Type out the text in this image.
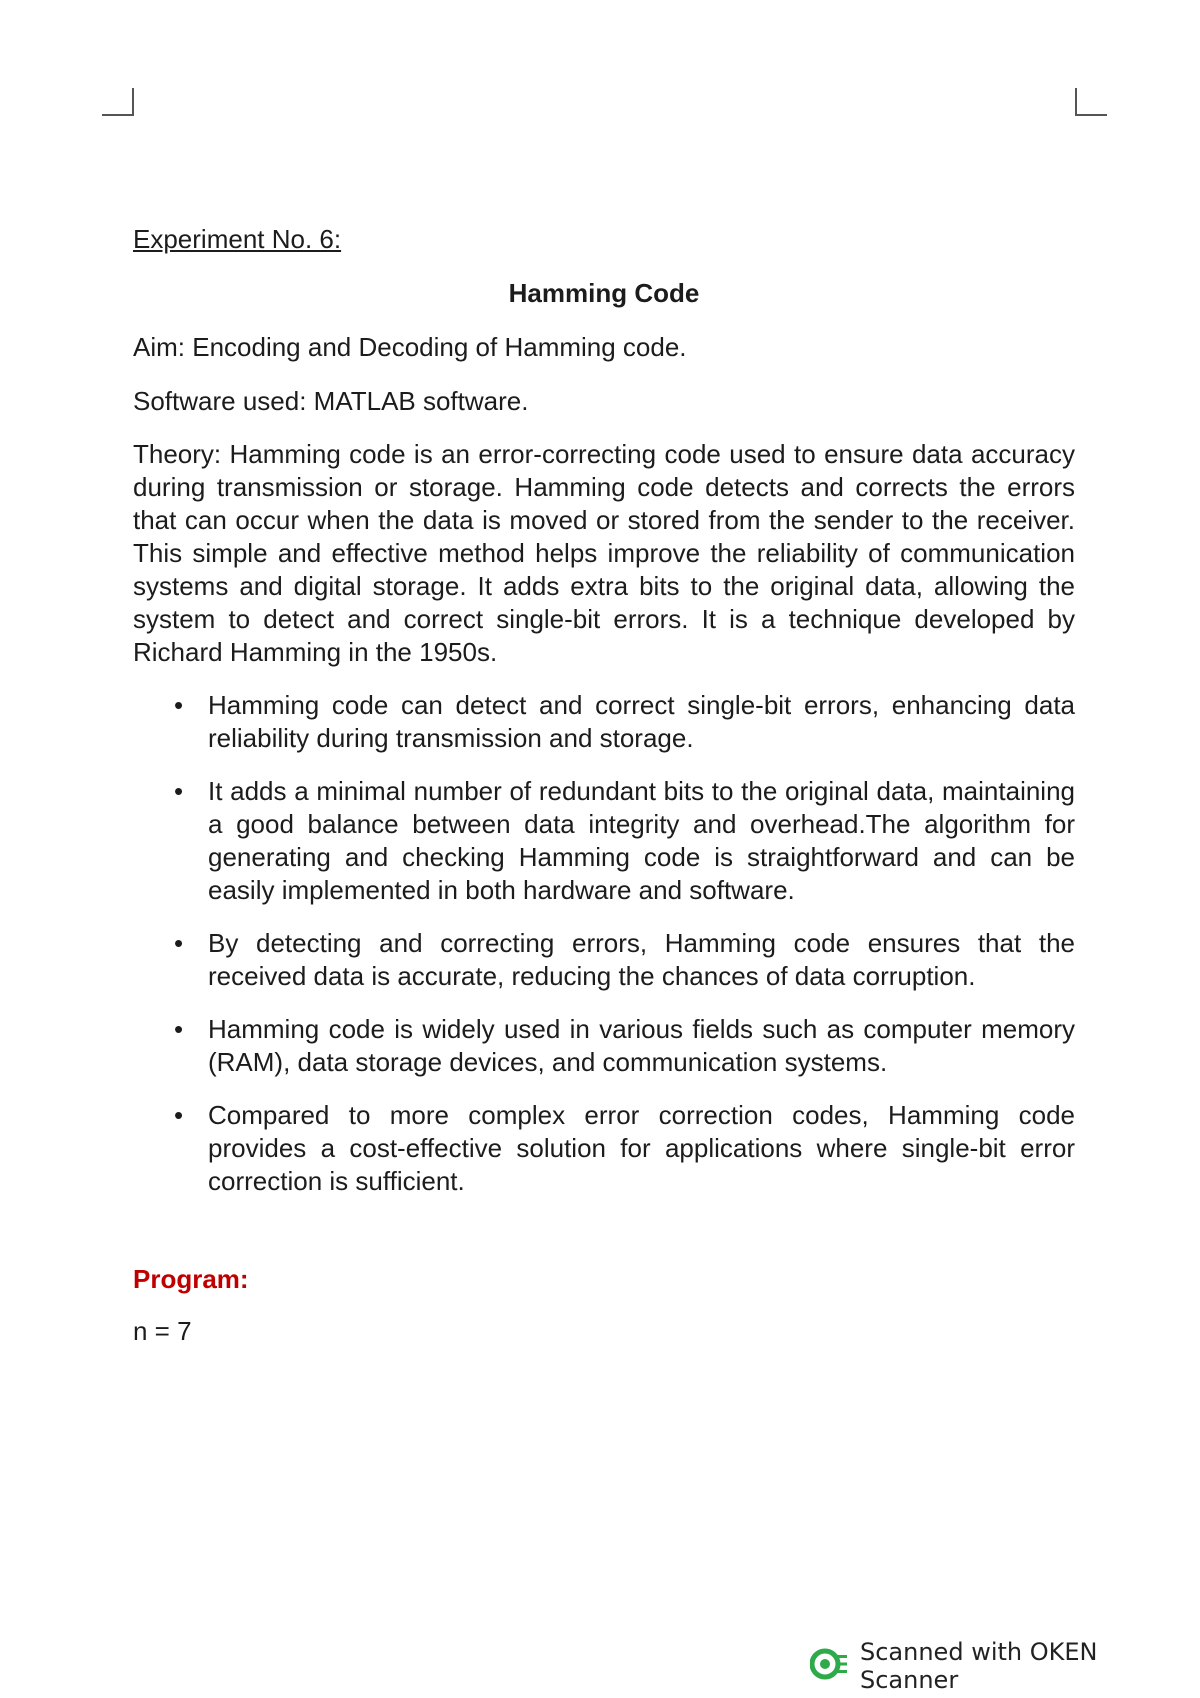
Experiment No. 6:

Hamming Code

Aim: Encoding and Decoding of Hamming code.

Software used: MATLAB software.

Theory: Hamming code is an error-correcting code used to ensure data accuracy during transmission or storage. Hamming code detects and corrects the errors that can occur when the data is moved or stored from the sender to the receiver. This simple and effective method helps improve the reliability of communication systems and digital storage. It adds extra bits to the original data, allowing the system to detect and correct single-bit errors. It is a technique developed by Richard Hamming in the 1950s.

• Hamming code can detect and correct single-bit errors, enhancing data reliability during transmission and storage.
• It adds a minimal number of redundant bits to the original data, maintaining a good balance between data integrity and overhead.The algorithm for generating and checking Hamming code is straightforward and can be easily implemented in both hardware and software.
• By detecting and correcting errors, Hamming code ensures that the received data is accurate, reducing the chances of data corruption.
• Hamming code is widely used in various fields such as computer memory (RAM), data storage devices, and communication systems.
• Compared to more complex error correction codes, Hamming code provides a cost-effective solution for applications where single-bit error correction is sufficient.

Program:

n = 7

Scanned with OKEN Scanner
